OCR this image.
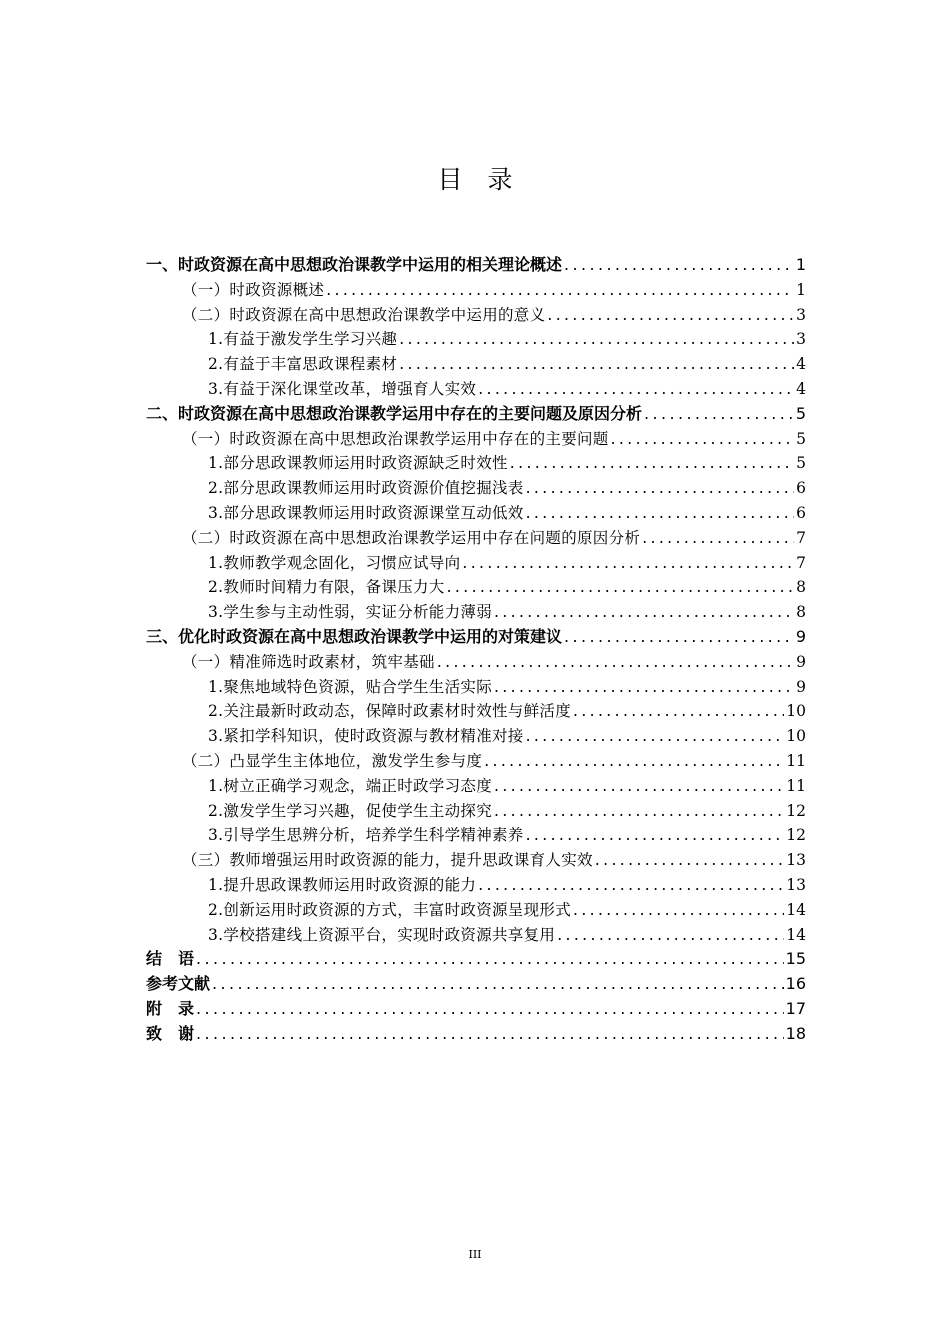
目　录
一、时政资源在高中思想政治课教学中运用的相关理论概述 .....	1
（一）时政资源概述 .....	1
（二）时政资源在高中思想政治课教学中运用的意义 .....	3
1.有益于激发学生学习兴趣 .....	3
2.有益于丰富思政课程素材 .....	4
3.有益于深化课堂改革，增强育人实效 .....	4
二、时政资源在高中思想政治课教学运用中存在的主要问题及原因分析 .....	5
（一）时政资源在高中思想政治课教学运用中存在的主要问题 .....	5
1.部分思政课教师运用时政资源缺乏时效性 .....	5
2.部分思政课教师运用时政资源价值挖掘浅表 .....	6
3.部分思政课教师运用时政资源课堂互动低效 .....	6
（二）时政资源在高中思想政治课教学运用中存在问题的原因分析 .....	7
1.教师教学观念固化，习惯应试导向 .....	7
2.教师时间精力有限，备课压力大 .....	8
3.学生参与主动性弱，实证分析能力薄弱 .....	8
三、优化时政资源在高中思想政治课教学中运用的对策建议 .....	9
（一）精准筛选时政素材，筑牢基础 .....	9
1.聚焦地域特色资源，贴合学生生活实际 .....	9
2.关注最新时政动态，保障时政素材时效性与鲜活度 .....	10
3.紧扣学科知识，使时政资源与教材精准对接 .....	10
（二）凸显学生主体地位，激发学生参与度 .....	11
1.树立正确学习观念，端正时政学习态度 .....	11
2.激发学生学习兴趣，促使学生主动探究 .....	12
3.引导学生思辨分析，培养学生科学精神素养 .....	12
（三）教师增强运用时政资源的能力，提升思政课育人实效 .....	13
1.提升思政课教师运用时政资源的能力 .....	13
2.创新运用时政资源的方式，丰富时政资源呈现形式 .....	14
3.学校搭建线上资源平台，实现时政资源共享复用 .....	14
结　语 .....	15
参考文献 .....	16
附　录 .....	17
致　谢 .....	18
III
